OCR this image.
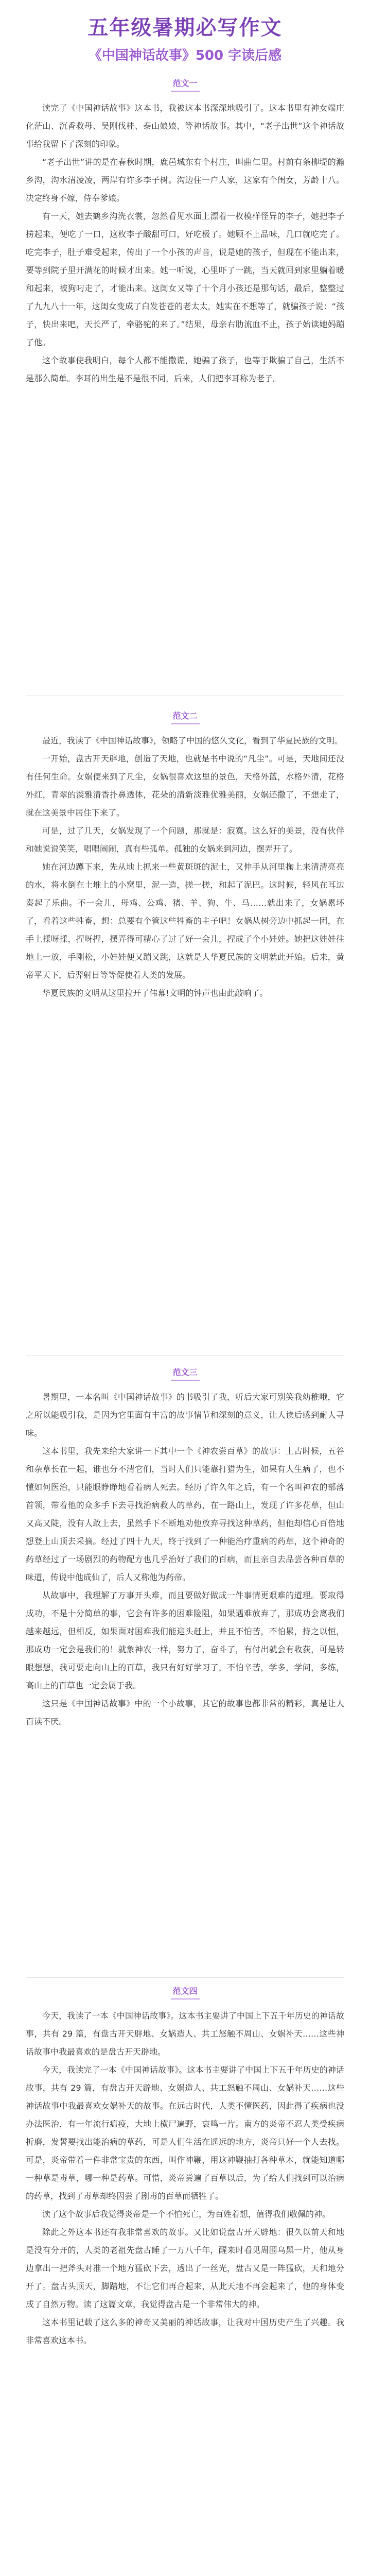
五年级暑期必写作文
《中国神话故事》500 字读后感
范文一

读完了《中国神话故事》这本书，我被这本书深深地吸引了。这本书里有神女端庄化茫山、沉香救母、吴刚伐桂、泰山娘娘、等神话故事。其中，“老子出世”这个神话故事给我留下了深刻的印象。

“老子出世”讲的是在春秋时期，鹿邑城东有个村庄，叫曲仁里。村前有条柳堤的瀚乡沟，沟水清凌凌，两岸有许多李子树。沟边住一户人家，这家有个闺女，芳龄十八。决定终身不嫁，侍奉爹娘。

有一天，她去鹤乡沟洗衣裳，忽然看见水面上漂着一枚模样怪异的李子，她把李子捞起来，便吃了一口，这枚李子酸甜可口，好吃极了。她顾不上品味，几口就吃完了。吃完李子，肚子难受起来，传出了一个小孩的声音，说是她的孩子，但现在不能出来，要等到院子里开满花的时候才出来。她一听说，心里吓了一跳，当天就回到家里躺着暖和起来，被狗叼走了，才能出来。这闺女又等了十个月小孩还是那句话，最后，整整过了九九八十一年，这闺女变成了白发苍苍的老太太，她实在不想等了，就骗孩子说：“孩子，快出来吧，天长严了，牵骆驼的来了。”结果，母亲右肋流血不止，孩子始读她妈蹦了他。

这个故事使我明白，每个人都不能撒谎，她骗了孩子，也等于欺骗了自己，生活不是那么简单。李耳的出生是不是很不同，后来，人们把李耳称为老子。

范文二

最近，我读了《中国神话故事》，领略了中国的悠久文化，看到了华夏民族的文明。

一开始，盘古开天辟地，创造了天地，也就是书中说的“凡尘”。可是，天地间还没有任何生命。女娲便来到了凡尘，女娲很喜欢这里的景色，天格外蓝，水格外清，花格外红，青翠的淡雅清香扑鼻透体，花朵的清新淡雅优雅美丽，女娲还撒了，不想走了，就在这美景中居住下来了。

可是，过了几天，女娲发现了一个问题，那就是：寂寞。这么好的美景，没有伙伴和她说说笑笑，唱唱闹闹，真有些孤单。孤独的女娲来到河边，摆弄开了。

她在河边蹲下来，先从地上抓来一些黄斑斑的泥土，又伸手从河里掬上来清清亮亮的水，将水倒在土堆上的小窝里，泥一造，搓一搓，和起了泥巴。这时候，轻风在耳边奏起了乐曲。不一会儿，母鸡、公鸡、猪、羊、狗、牛、马……就出来了，女娲累坏了，看着这些牲畜，想：总要有个管这些牲畜的主子吧！女娲从树旁边中抓起一团，在手上揉呀揉，捏呀捏，摆弄得可精心了过了好一会儿，捏成了个小娃娃。她把这娃娃往地上一放，手刚松，小娃娃便又蹦又跳，这就是人华夏民族的文明就此开始。后来，黄帝平天下，后羿射日等等促使着人类的发展。

华夏民族的文明从这里拉开了伟幕!文明的钟声也由此敲响了。

范文三

暑期里，一本名叫《中国神话故事》的书吸引了我，听后大家可别笑我幼稚哦，它之所以能吸引我，是因为它里面有丰富的故事情节和深刻的意义，让人读后感到耐人寻味。

这本书里，我先来给大家讲一下其中一个《神农尝百草》的故事：上古时候，五谷和杂草长在一起，谁也分不清它们，当时人们只能靠打猎为生，如果有人生病了，也不懂如何医治，只能眼睁睁地看着病人死去。经历了许久年之后，有一个名叫神农的部落首领，带着他的众多手下去寻找治病救人的草药，在一路山上，发现了许多花草，但山又高又陡，没有人敢上去，虽然手下不断地劝他放弃寻找这种草药，但他却信心百倍地想登上山顶去采摘。经过了四十九天，终于找到了一种能治疗重病的药草，这个神奇的药草经过了一场剧烈的药物配方也几乎治好了我们的百病，而且亲自去品尝各种百草的味道，传说中他成仙了，后人又称他为药帝。

从故事中，我理解了万事开头难，而且要做好做成一件事情更艰难的道理。要取得成功，不是十分简单的事，它会有许多的困难险阻，如果遇难放弃了，那成功会离我们越来越远，但相反，如果面对困难我们能迎头赶上，并且不怕苦，不怕累，持之以恒，那成功一定会是我们的！就象神农一样，努力了，奋斗了，有付出就会有收获，可是转眼想想，我可要走向山上的百草，我只有好好学习了，不怕辛苦，学多，学问，多练，高山上的百草也一定会属于我。

这只是《中国神话故事》中的一个小故事，其它的故事也都非常的精彩，真是让人百读不厌。

范文四

今天，我读了一本《中国神话故事》。这本书主要讲了中国上下五千年历史的神话故事，共有 29 篇，有盘古开天辟地、女娲造人、共工怒触不周山、女娲补天……这些神话故事中我最喜欢的是盘古开天辟地。

今天，我读完了一本《中国神话故事》。这本书主要讲了中国上下五千年历史的神话故事，共有 29 篇，有盘古开天辟地、女娲造人、共工怒触不周山、女娲补天……这些神话故事中我最喜欢女娲补天的故事。在远古时代，人类不懂医药，因此得了疾病也没办法医治，有一年流行瘟疫，大地上横尸遍野，哀鸣一片。南方的炎帝不忍人类受疾病折磨，发誓要找出能治病的草药，可是人们生活在遥远的地方，炎帝只好一个人去找。可是，炎帝带着一件非常宝贵的东西，叫作神鞭，用这神鞭抽打各种草木，就能知道哪一种草是毒草，哪一种是药草。可惜，炎帝尝遍了百草以后，为了给人们找到可以治病的药草，找到了毒草却终因尝了剧毒的百草而牺牲了。

读了这个故事后我觉得炎帝是一个不怕死亡，为百姓着想，值得我们敬佩的神。

除此之外这本书还有我非常喜欢的故事。又比如说盘古开天辟地：很久以前天和地是没有分开的，人类的老祖先盘古睡了一万八千年，醒来时看见周围乌黑一片，他从身边拿出一把斧头对准一个地方猛砍下去，透出了一丝光，盘古又是一阵猛砍，天和地分开了。盘古头顶天，脚踏地，不让它们再合起来，从此天地不再会起来了，他的身体变成了自然万物。读了这篇文章，我觉得盘古是一个非常伟大的神。

这本书里记载了这么多的神奇又美丽的神话故事，让我对中国历史产生了兴趣。我非常喜欢这本书。
